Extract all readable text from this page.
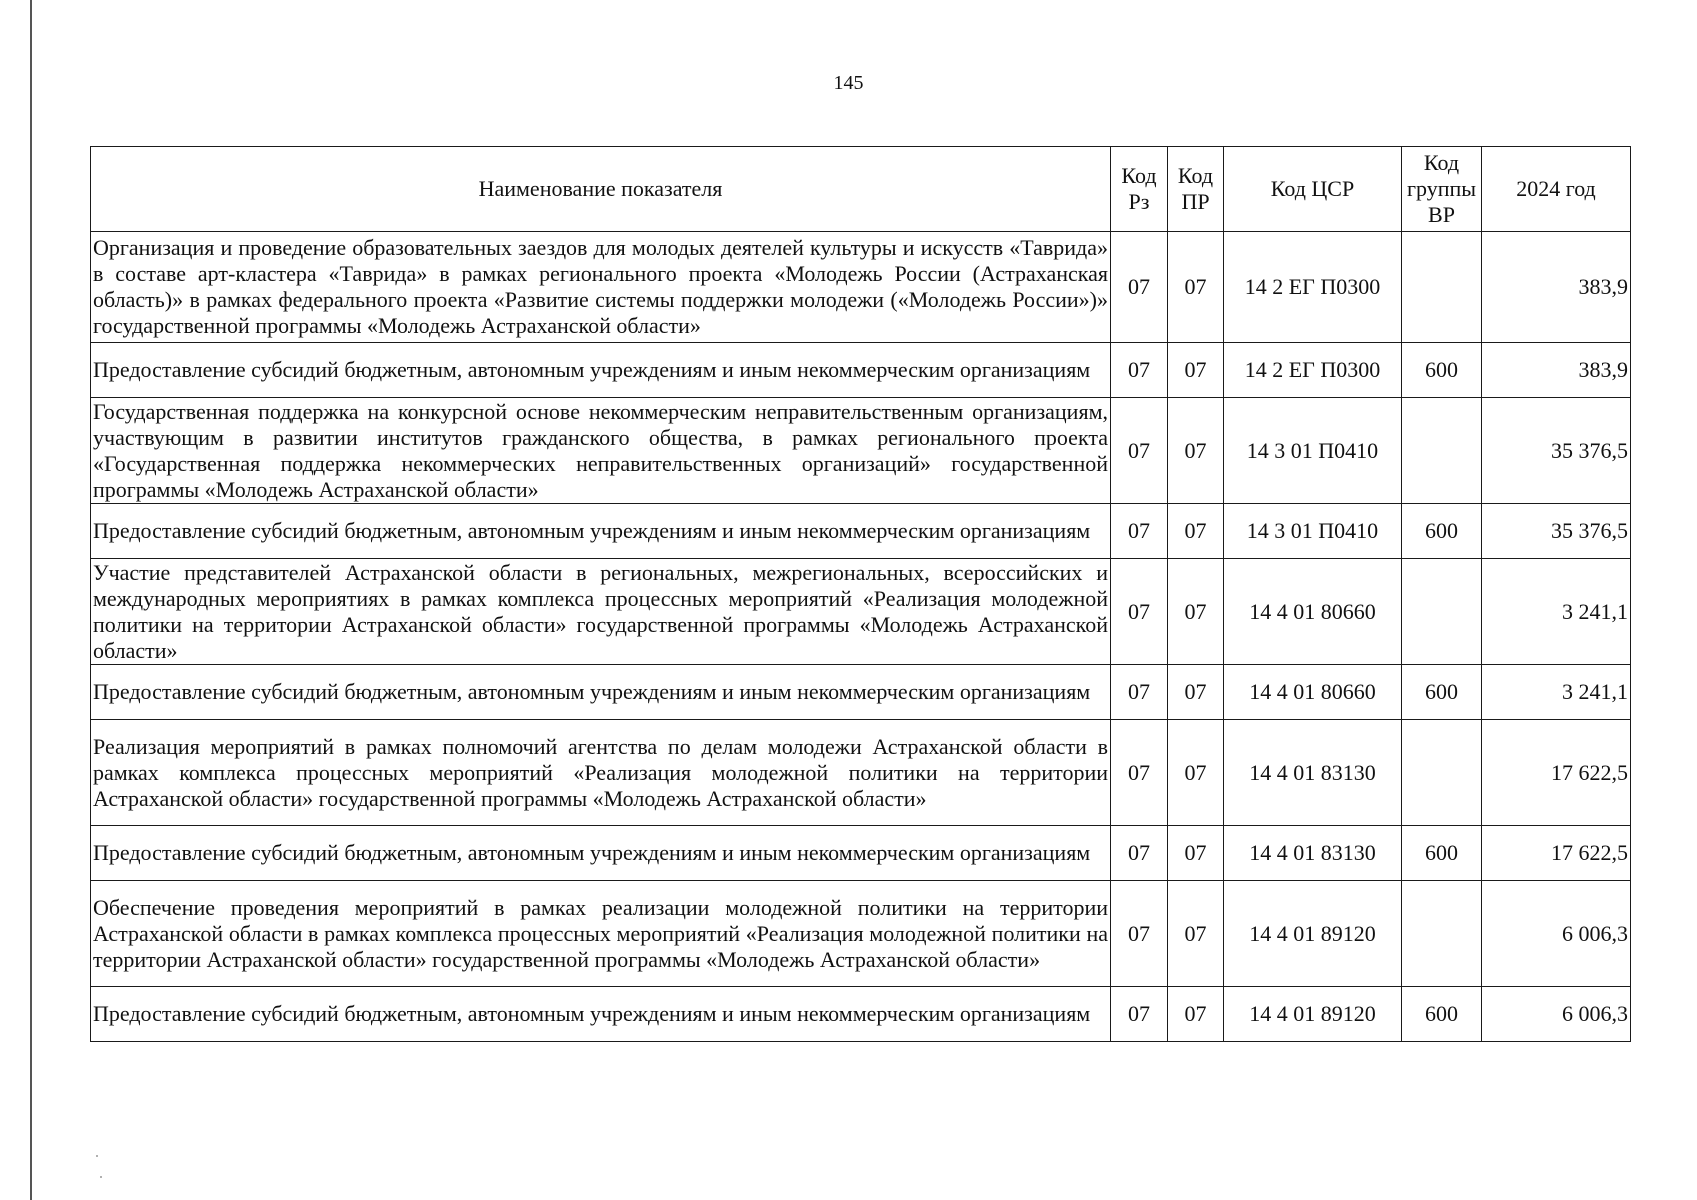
145
Наименование показателя	Код Рз	Код ПР	Код ЦСР	Код группы ВР	2024 год
Организация и проведение образовательных заездов для молодых деятелей культуры и искусств «Таврида» в составе арт-кластера «Таврида» в рамках регионального проекта «Молодежь России (Астраханская область)» в рамках федерального проекта «Развитие системы поддержки молодежи («Молодежь России»)» государственной программы «Молодежь Астраханской области»	07	07	14 2 ЕГ П0300		383,9
Предоставление субсидий бюджетным, автономным учреждениям и иным некоммерческим организациям	07	07	14 2 ЕГ П0300	600	383,9
Государственная поддержка на конкурсной основе некоммерческим неправительственным организациям, участвующим в развитии институтов гражданского общества, в рамках регионального проекта «Государственная поддержка некоммерческих неправительственных организаций» государственной программы «Молодежь Астраханской области»	07	07	14 3 01 П0410		35 376,5
Предоставление субсидий бюджетным, автономным учреждениям и иным некоммерческим организациям	07	07	14 3 01 П0410	600	35 376,5
Участие представителей Астраханской области в региональных, межрегиональных, всероссийских и международных мероприятиях в рамках комплекса процессных мероприятий «Реализация молодежной политики на территории Астраханской области» государственной программы «Молодежь Астраханской области»	07	07	14 4 01 80660		3 241,1
Предоставление субсидий бюджетным, автономным учреждениям и иным некоммерческим организациям	07	07	14 4 01 80660	600	3 241,1
Реализация мероприятий в рамках полномочий агентства по делам молодежи Астраханской области в рамках комплекса процессных мероприятий «Реализация молодежной политики на территории Астраханской области» государственной программы «Молодежь Астраханской области»	07	07	14 4 01 83130		17 622,5
Предоставление субсидий бюджетным, автономным учреждениям и иным некоммерческим организациям	07	07	14 4 01 83130	600	17 622,5
Обеспечение проведения мероприятий в рамках реализации молодежной политики на территории Астраханской области в рамках комплекса процессных мероприятий «Реализация молодежной политики на территории Астраханской области» государственной программы «Молодежь Астраханской области»	07	07	14 4 01 89120		6 006,3
Предоставление субсидий бюджетным, автономным учреждениям и иным некоммерческим организациям	07	07	14 4 01 89120	600	6 006,3
